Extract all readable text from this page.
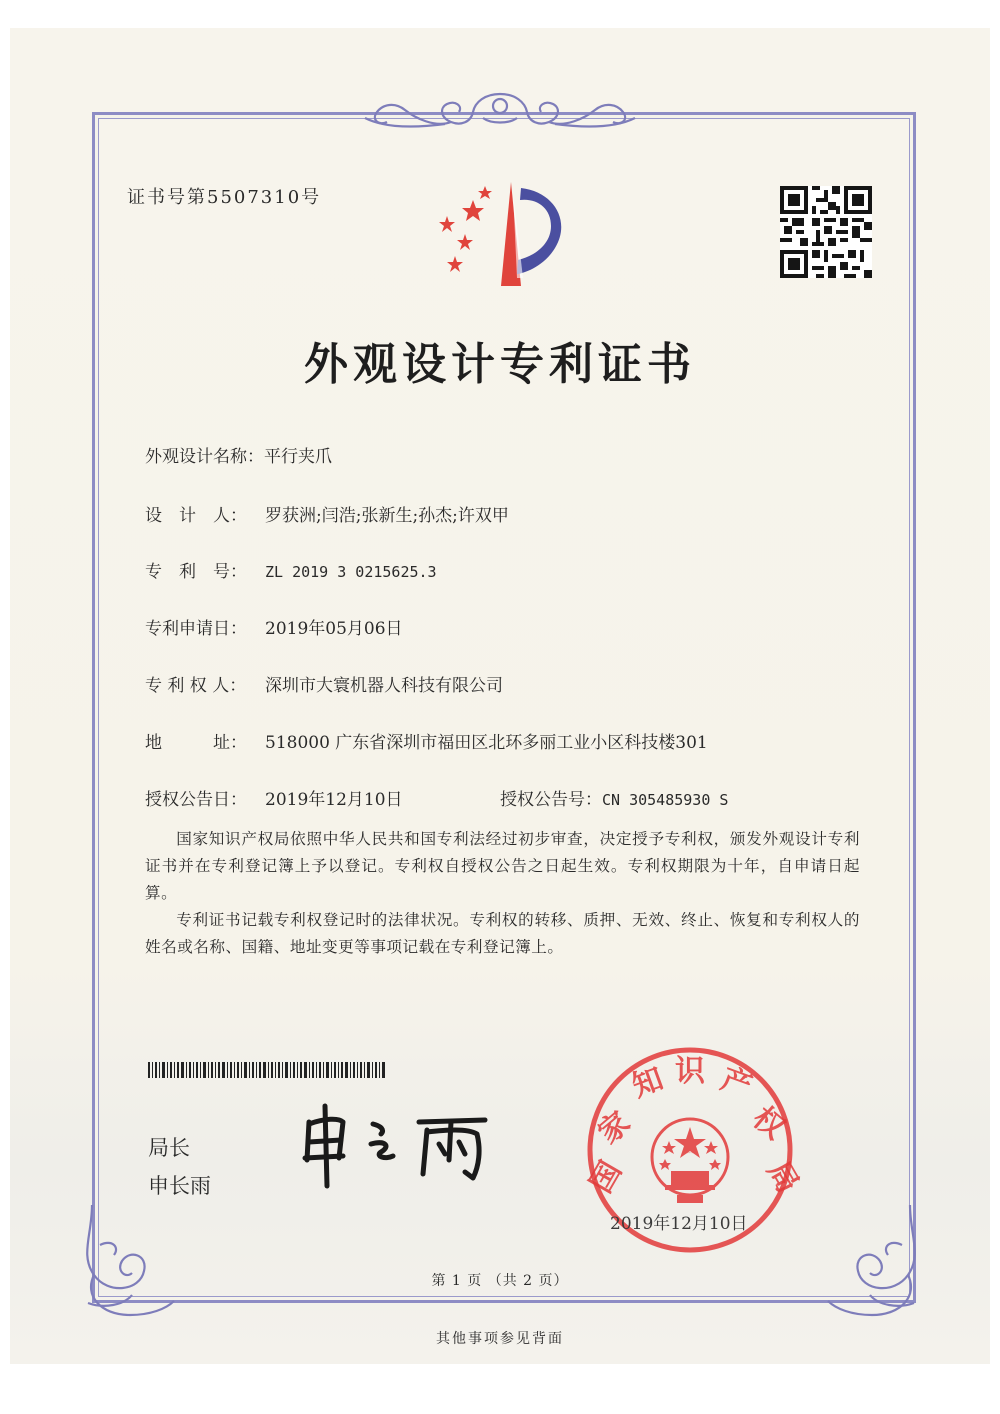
证书号第5507310号
外观设计专利证书
外观设计名称：平行夹爪
设　计　人： 罗获洲;闫浩;张新生;孙杰;许双甲
专　利　号： ZL 2019 3 0215625.3
专利申请日： 2019年05月06日
专 利 权 人： 深圳市大寰机器人科技有限公司
地　　　址： 518000 广东省深圳市福田区北环多丽工业小区科技楼301
授权公告日： 2019年12月10日	授权公告号：CN 305485930 S
国家知识产权局依照中华人民共和国专利法经过初步审查，决定授予专利权，颁发外观设计专利证书并在专利登记簿上予以登记。专利权自授权公告之日起生效。专利权期限为十年，自申请日起算。
专利证书记载专利权登记时的法律状况。专利权的转移、质押、无效、终止、恢复和专利权人的姓名或名称、国籍、地址变更等事项记载在专利登记簿上。
局长
申长雨
国家知识产权局
国
家
知 识 产
权
局
2019年12月10日
第 1 页 （共 2 页）
其他事项参见背面
